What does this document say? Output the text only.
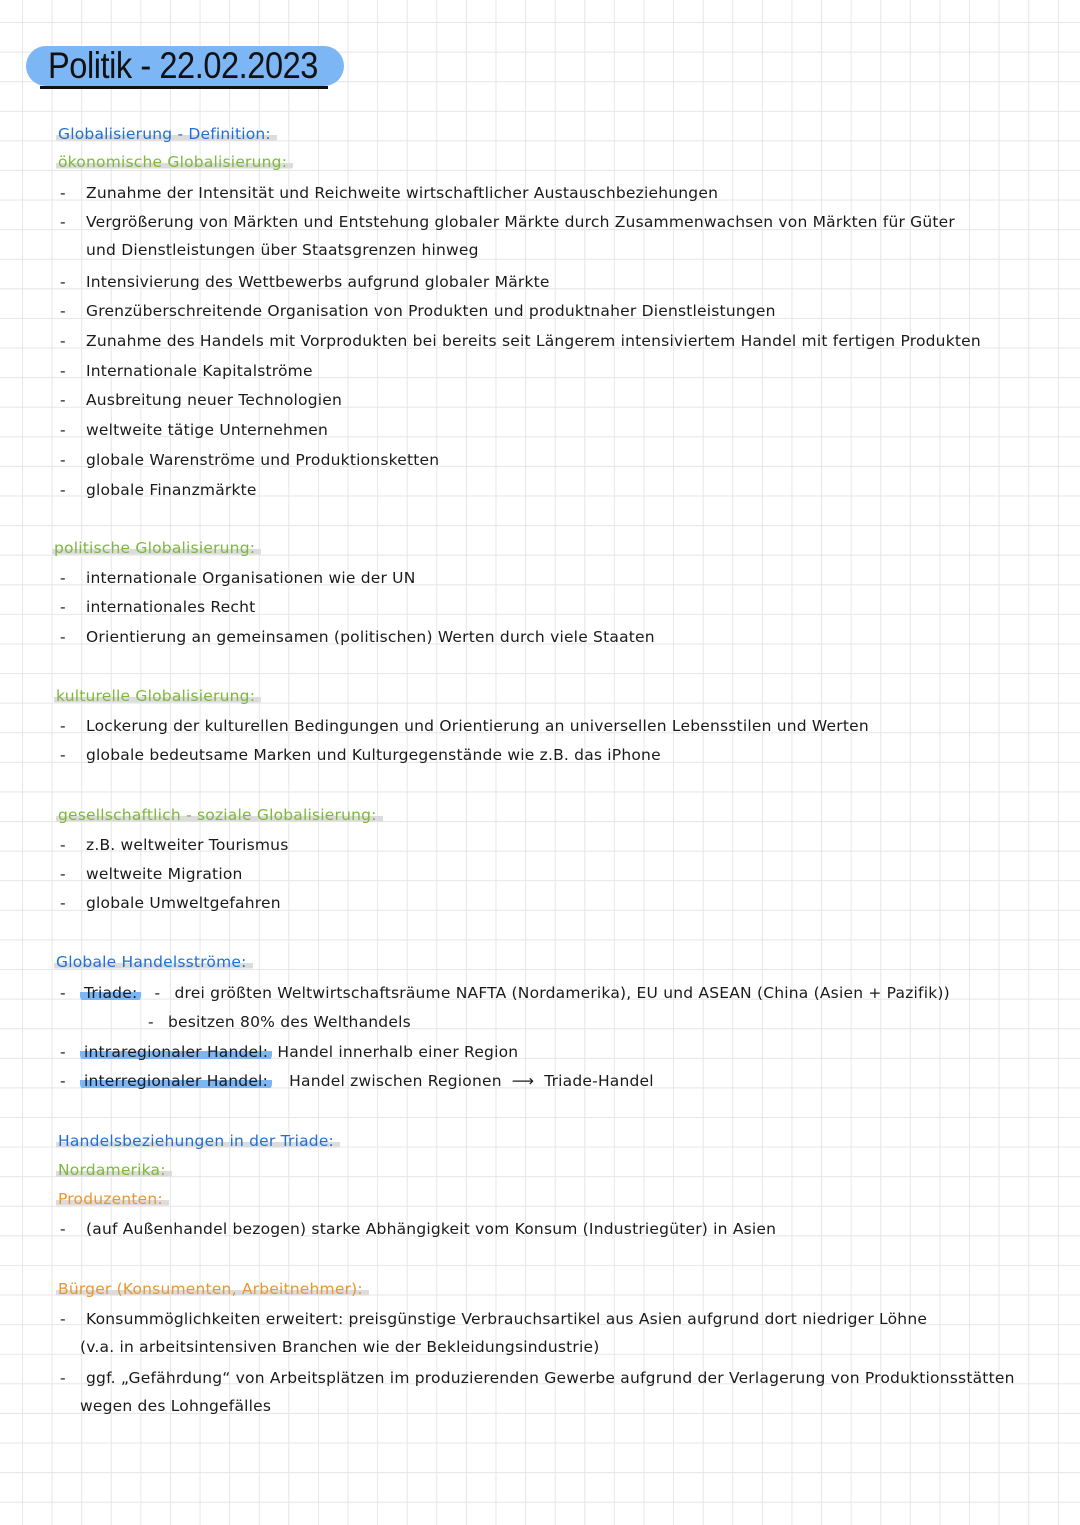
Politik - 22.02.2023
Globalisierung - Definition:
ökonomische Globalisierung:
- Zunahme der Intensität und Reichweite wirtschaftlicher Austauschbeziehungen
- Vergrößerung von Märkten und Entstehung globaler Märkte durch Zusammenwachsen von Märkten für Güter
und Dienstleistungen über Staatsgrenzen hinweg
- Intensivierung des Wettbewerbs aufgrund globaler Märkte
- Grenzüberschreitende Organisation von Produkten und produktnaher Dienstleistungen
- Zunahme des Handels mit Vorprodukten bei bereits seit Längerem intensiviertem Handel mit fertigen Produkten
- Internationale Kapitalströme
- Ausbreitung neuer Technologien
- weltweite tätige Unternehmen
- globale Warenströme und Produktionsketten
- globale Finanzmärkte
politische Globalisierung:
- internationale Organisationen wie der UN
- internationales Recht
- Orientierung an gemeinsamen (politischen) Werten durch viele Staaten
kulturelle Globalisierung:
- Lockerung der kulturellen Bedingungen und Orientierung an universellen Lebensstilen und Werten
- globale bedeutsame Marken und Kulturgegenstände wie z.B. das iPhone
gesellschaftlich - soziale Globalisierung:
- z.B. weltweiter Tourismus
- weltweite Migration
- globale Umweltgefahren
Globale Handelsströme:
- Triade: - drei größten Weltwirtschaftsräume NAFTA (Nordamerika), EU und ASEAN (China (Asien + Pazifik))
- besitzen 80% des Welthandels
- intraregionaler Handel: Handel innerhalb einer Region
- interregionaler Handel: Handel zwischen Regionen ⟶ Triade-Handel
Handelsbeziehungen in der Triade:
Nordamerika:
Produzenten:
- (auf Außenhandel bezogen) starke Abhängigkeit vom Konsum (Industriegüter) in Asien
Bürger (Konsumenten, Arbeitnehmer):
- Konsummöglichkeiten erweitert: preisgünstige Verbrauchsartikel aus Asien aufgrund dort niedriger Löhne
(v.a. in arbeitsintensiven Branchen wie der Bekleidungsindustrie)
- ggf. „Gefährdung“ von Arbeitsplätzen im produzierenden Gewerbe aufgrund der Verlagerung von Produktionsstätten
wegen des Lohngefälles
